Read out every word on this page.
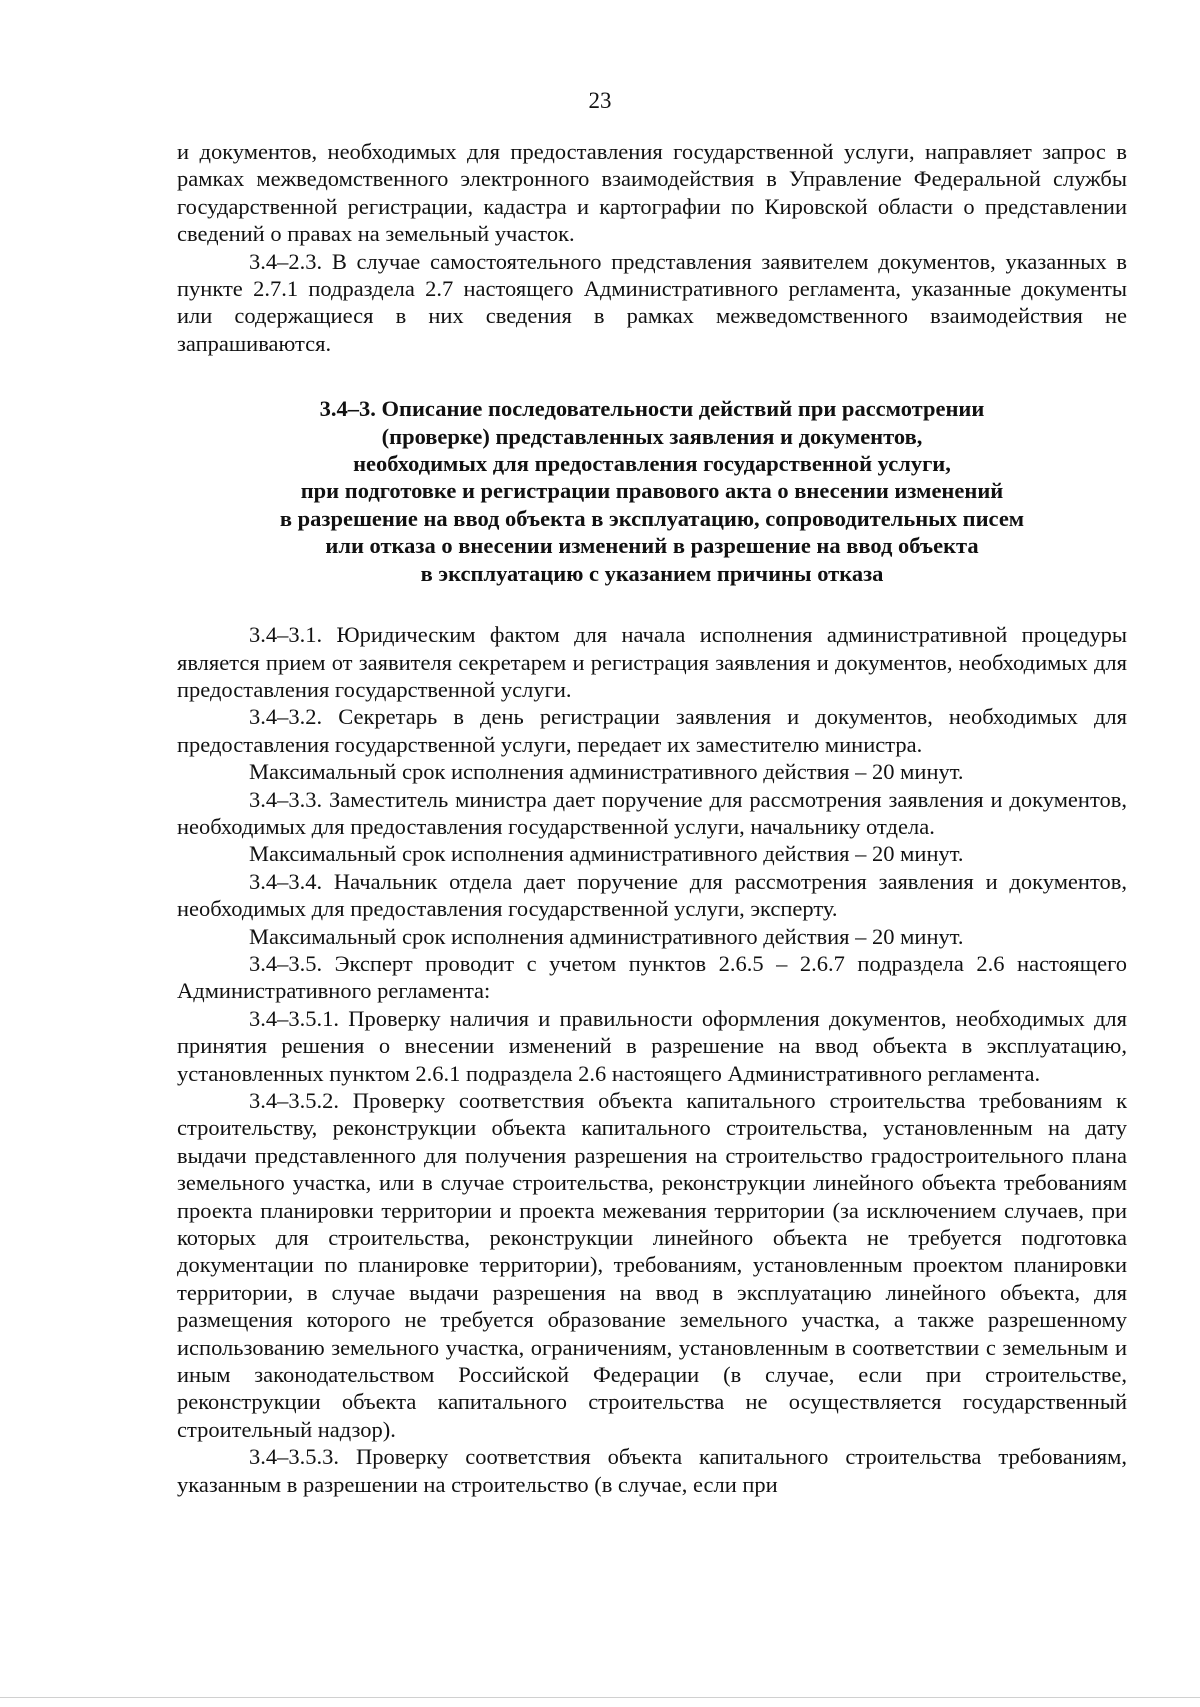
23

и документов, необходимых для предоставления государственной услуги, направляет запрос в рамках межведомственного электронного взаимодействия в Управление Федеральной службы государственной регистрации, кадастра и картографии по Кировской области о представлении сведений о правах на земельный участок.

3.4–2.3. В случае самостоятельного представления заявителем документов, указанных в пункте 2.7.1 подраздела 2.7 настоящего Административного регламента, указанные документы или содержащиеся в них сведения в рамках межведомственного взаимодействия не запрашиваются.

3.4–3. Описание последовательности действий при рассмотрении
(проверке) представленных заявления и документов,
необходимых для предоставления государственной услуги,
при подготовке и регистрации правового акта о внесении изменений
в разрешение на ввод объекта в эксплуатацию, сопроводительных писем
или отказа о внесении изменений в разрешение на ввод объекта
в эксплуатацию с указанием причины отказа

3.4–3.1. Юридическим фактом для начала исполнения административной процедуры является прием от заявителя секретарем и регистрация заявления и документов, необходимых для предоставления государственной услуги.

3.4–3.2. Секретарь в день регистрации заявления и документов, необходимых для предоставления государственной услуги, передает их заместителю министра.

Максимальный срок исполнения административного действия – 20 минут.

3.4–3.3. Заместитель министра дает поручение для рассмотрения заявления и документов, необходимых для предоставления государственной услуги, начальнику отдела.

Максимальный срок исполнения административного действия – 20 минут.

3.4–3.4. Начальник отдела дает поручение для рассмотрения заявления и документов, необходимых для предоставления государственной услуги, эксперту.

Максимальный срок исполнения административного действия – 20 минут.

3.4–3.5. Эксперт проводит с учетом пунктов 2.6.5 – 2.6.7 подраздела 2.6 настоящего Административного регламента:

3.4–3.5.1. Проверку наличия и правильности оформления документов, необходимых для принятия решения о внесении изменений в разрешение на ввод объекта в эксплуатацию, установленных пунктом 2.6.1 подраздела 2.6 настоящего Административного регламента.

3.4–3.5.2. Проверку соответствия объекта капитального строительства требованиям к строительству, реконструкции объекта капитального строительства, установленным на дату выдачи представленного для получения разрешения на строительство градостроительного плана земельного участка, или в случае строительства, реконструкции линейного объекта требованиям проекта планировки территории и проекта межевания территории (за исключением случаев, при которых для строительства, реконструкции линейного объекта не требуется подготовка документации по планировке территории), требованиям, установленным проектом планировки территории, в случае выдачи разрешения на ввод в эксплуатацию линейного объекта, для размещения которого не требуется образование земельного участка, а также разрешенному использованию земельного участка, ограничениям, установленным в соответствии с земельным и иным законодательством Российской Федерации (в случае, если при строительстве, реконструкции объекта капитального строительства не осуществляется государственный строительный надзор).

3.4–3.5.3. Проверку соответствия объекта капитального строительства требованиям, указанным в разрешении на строительство (в случае, если при
